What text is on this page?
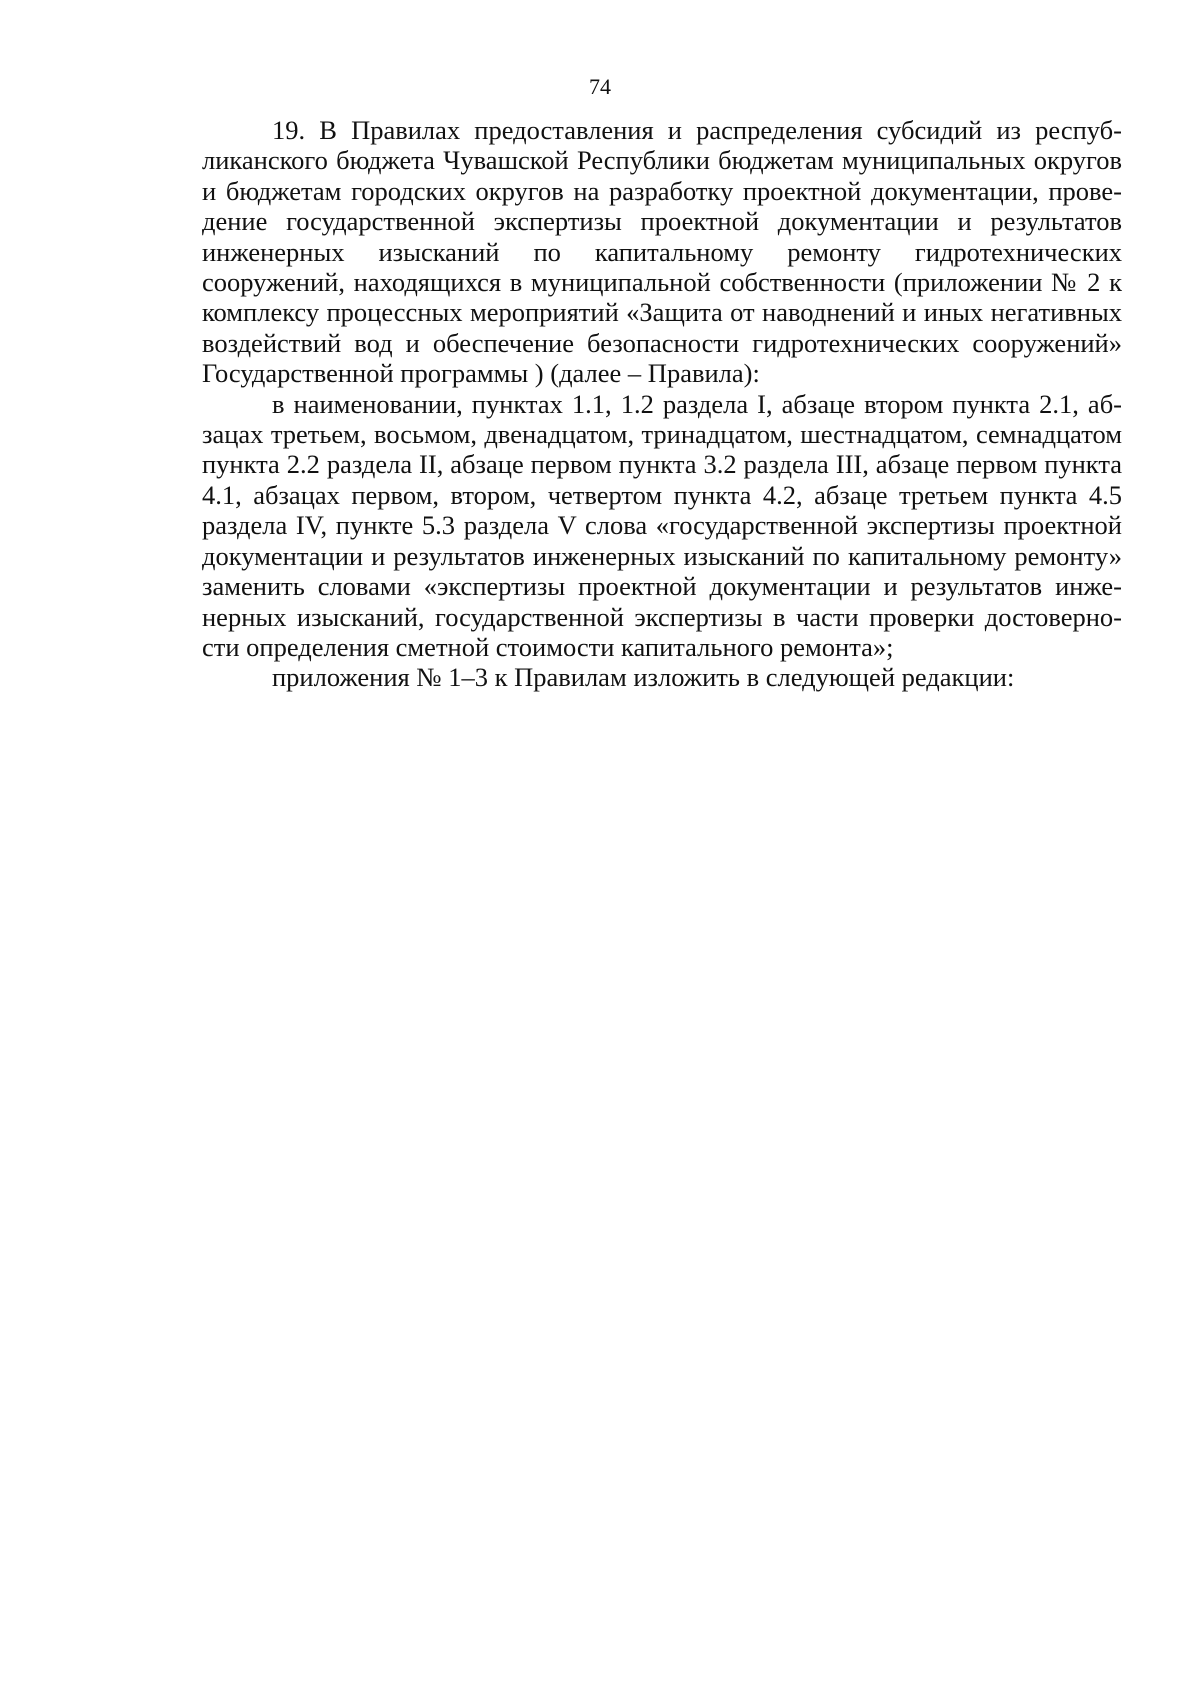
74

19. В Правилах предоставления и распределения субсидий из республиканского бюджета Чувашской Республики бюджетам муниципальных округов и бюджетам городских округов на разработку проектной документации, проведение государственной экспертизы проектной документации и результатов инженерных изысканий по капитальному ремонту гидротехнических сооружений, находящихся в муниципальной собственности (приложении № 2 к комплексу процессных мероприятий «Защита от наводнений и иных негативных воздействий вод и обеспечение безопасности гидротехнических сооружений» Государственной программы ) (далее – Правила):

в наименовании, пунктах 1.1, 1.2 раздела I, абзаце втором пункта 2.1, абзацах третьем, восьмом, двенадцатом, тринадцатом, шестнадцатом, семнадцатом пункта 2.2 раздела II, абзаце первом пункта 3.2 раздела III, абзаце первом пункта 4.1, абзацах первом, втором, четвертом пункта 4.2, абзаце третьем пункта 4.5 раздела IV, пункте 5.3 раздела V слова «государственной экспертизы проектной документации и результатов инженерных изысканий по капитальному ремонту» заменить словами «экспертизы проектной документации и результатов инженерных изысканий, государственной экспертизы в части проверки достоверности определения сметной стоимости капитального ремонта»;

приложения № 1–3 к Правилам изложить в следующей редакции:
